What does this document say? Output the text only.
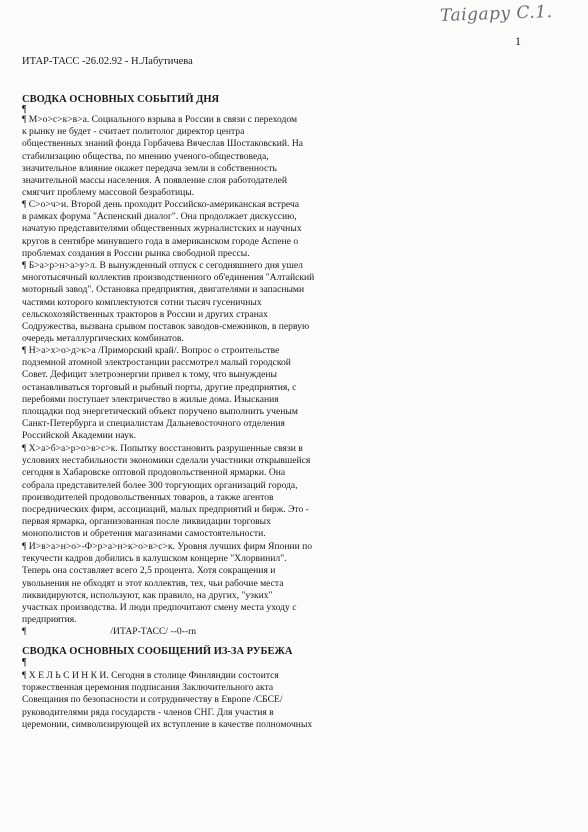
Taigapy C.1.
1
ИТАР-ТАСС -26.02.92 - Н.Лабутичева
СВОДКА ОСНОВНЫХ СОБЫТИЙ ДНЯ
¶
¶ М>о>с>к>в>а. Социального взрыва в России в связи с переходом
к рынку не будет - считает политолог директор центра
общественных знаний фонда Горбачева Вячеслав Шостаковский. На
стабилизацию общества, по мнению ученого-обществоведа,
значительное влияние окажет передача земли в собственность
значительной массы населения. А появление слоя работодателей
смягчит проблему массовой безработицы.
¶ С>о>ч>и. Второй день проходит Российско-американская встреча
в рамках форума "Аспенский диалог". Она продолжает дискуссию,
начатую представителями общественных журналистских и научных
кругов в сентябре минувшего года в американском городе Аспене о
проблемах создания в России рынка свободной прессы.
¶ Б>а>р>н>а>у>л. В вынужденный отпуск с сегодняшнего дня ушел
многотысячный коллектив производственного об'единения "Алтайский
моторный завод". Остановка предприятия, двигателями и запасными
частями которого комплектуются сотни тысяч гусеничных
сельскохозяйственных тракторов в России и других странах
Содружества, вызвана срывом поставок заводов-смежников, в первую
очередь металлургических комбинатов.
¶ Н>а>х>о>д>к>а /Приморский край/. Вопрос о строительстве
подземной атомной электростанции рассмотрел малый городской
Совет. Дефицит элетроэнергии привел к тому, что вынуждены
останавливаться торговый и рыбный порты, другие предприятия, с
перебоями поступает электричество в жилые дома. Изыскания
площадки под энергетический объект поручено выполнить ученым
Санкт-Петербурга и специалистам Дальневосточного отделения
Российской Академии наук.
¶ Х>а>б>а>р>о>в>с>к. Попытку восстановить разрушенные связи в
условиях нестабильности экономики сделали участники открывшейся
сегодня в Хабаровске оптовой продовольственной ярмарки. Она
собрала представителей более 300 торгующих организаций города,
производителей продовольственных товаров, а также агентов
посреднических фирм, ассоциаций, малых предприятий и бирж. Это -
первая ярмарка, организованная после ликвидации торговых
монополистов и обретения магазинами самостоятельности.
¶ И>в>а>н>о>-Ф>р>а>н>к>о>в>с>к. Уровня лучших фирм Японии по
текучести кадров добились в калушском концерне "Хлорвинил".
Теперь она составляет всего 2,5 процента. Хотя сокращения и
увольнения не обходят и этот коллектив, тех, чьи рабочие места
ликвидируются, используют, как правило, на других, "узких"
участках производства. И люди предпочитают смену места уходу с
предприятия.
¶	/ИТАР-ТАСС/ --0--rn
СВОДКА ОСНОВНЫХ СООБЩЕНИЙ ИЗ-ЗА РУБЕЖА
¶
¶ Х Е Л Ь С И Н К И. Сегодня в столице Финляндии состоится
торжественная церемония подписания Заключительного акта
Совещания по безопасности и сотрудничеству в Европе /СБСЕ/
руководителями ряда государств - членов СНГ. Для участия в
церемонии, символизирующей их вступление в качестве полномочных
